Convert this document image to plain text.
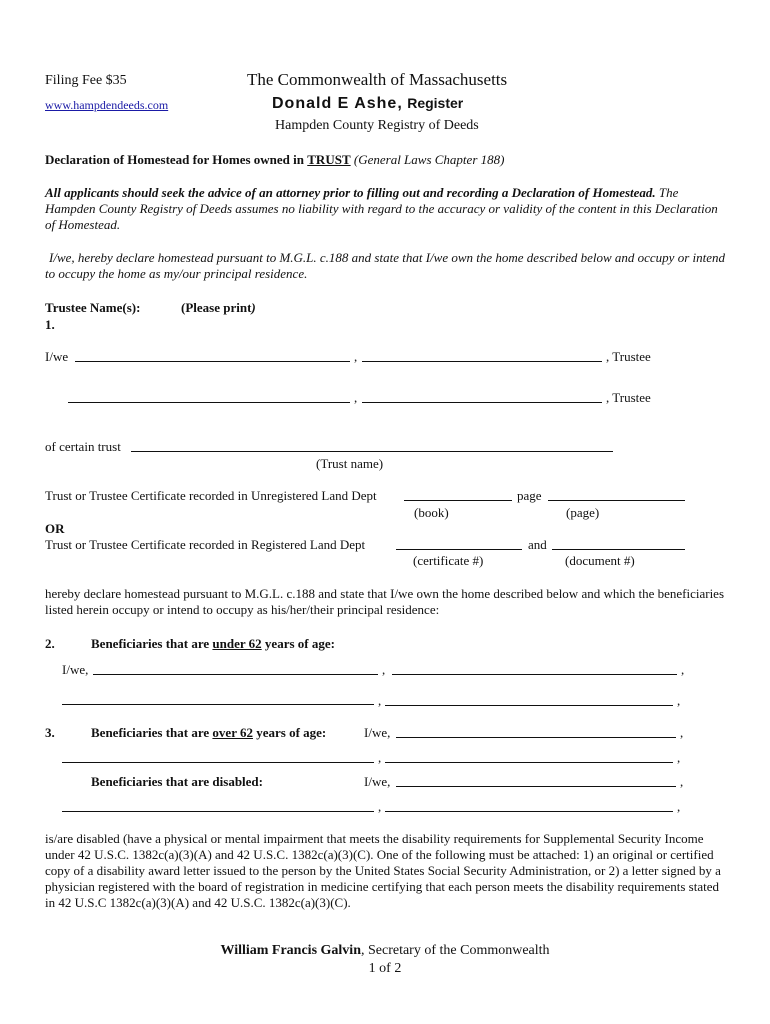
Filing Fee $35
www.hampdendeeds.com
The Commonwealth of Massachusetts
Donald E Ashe, Register
Hampden County Registry of Deeds
Declaration of Homestead for Homes owned in TRUST (General Laws Chapter 188)
All applicants should seek the advice of an attorney prior to filling out and recording a Declaration of Homestead. The Hampden County Registry of Deeds assumes no liability with regard to the accuracy or validity of the content in this Declaration of Homestead.
I/we, hereby declare homestead pursuant to M.G.L. c.188 and state that I/we own the home described below and occupy or intend to occupy the home as my/our principal residence.
Trustee Name(s):	(Please print)
1.
I/we	,	, Trustee
,	, Trustee
of certain trust
(Trust name)
Trust or Trustee Certificate recorded in Unregistered Land Dept	page
(book)	(page)
OR
Trust or Trustee Certificate recorded in Registered Land Dept	and
(certificate #)	(document #)
hereby declare homestead pursuant to M.G.L. c.188 and state that I/we own the home described below and which the beneficiaries listed herein occupy or intend to occupy as his/her/their principal residence:
2.	Beneficiaries that are under 62 years of age:
I/we,	,	,
,	,
3.	Beneficiaries that are over 62 years of age:	I/we,	,
,	,
Beneficiaries that are disabled:	I/we,	,
,	,
is/are disabled (have a physical or mental impairment that meets the disability requirements for Supplemental Security Income under 42 U.S.C. 1382c(a)(3)(A) and 42 U.S.C. 1382c(a)(3)(C). One of the following must be attached: 1) an original or certified copy of a disability award letter issued to the person by the United States Social Security Administration, or 2) a letter signed by a physician registered with the board of registration in medicine certifying that each person meets the disability requirements stated in 42 U.S.C 1382c(a)(3)(A) and 42 U.S.C. 1382c(a)(3)(C).
William Francis Galvin, Secretary of the Commonwealth
1 of 2
